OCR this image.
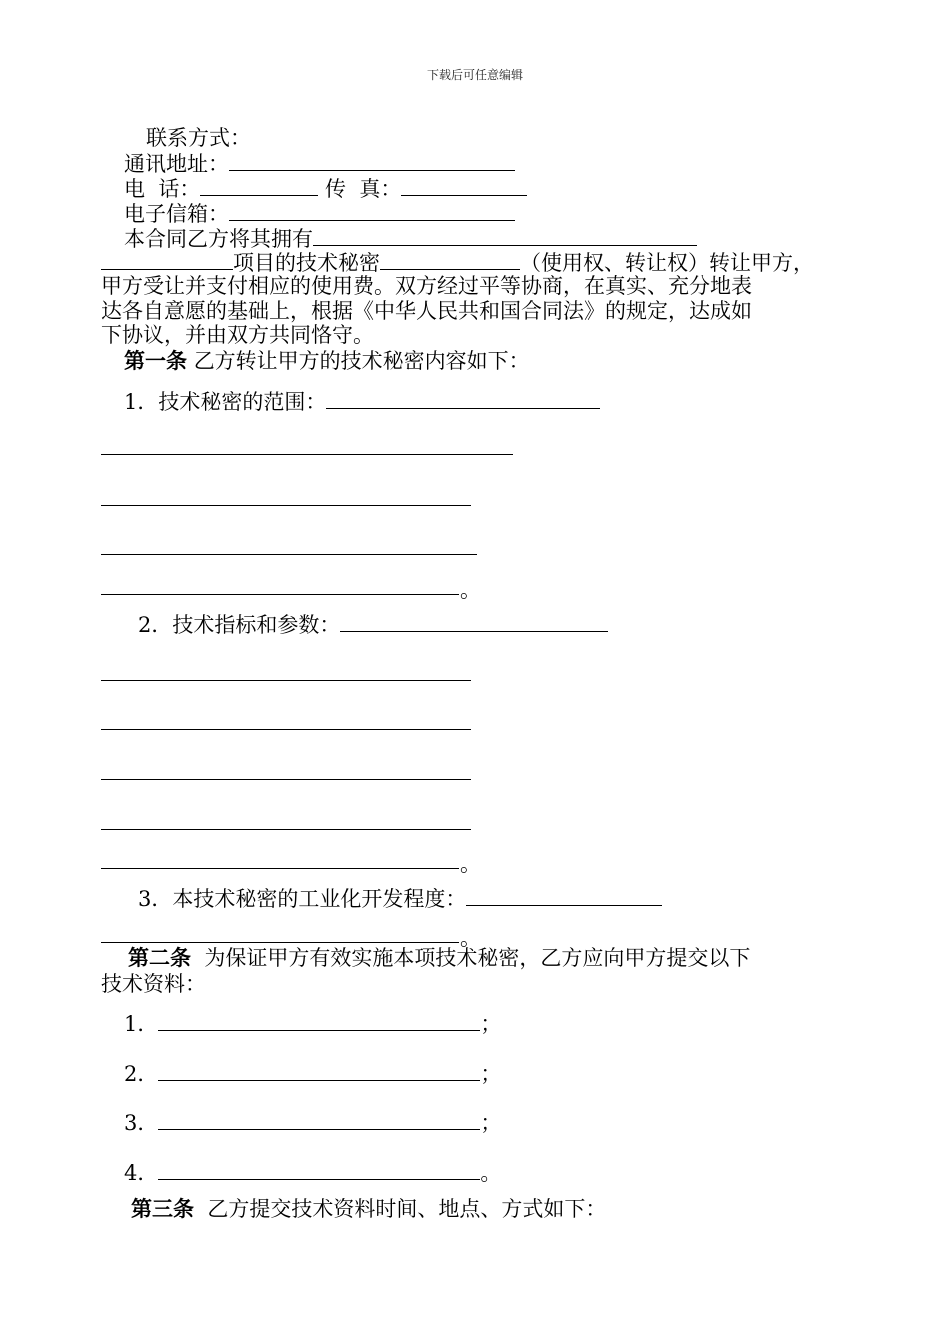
下载后可任意编辑
联系方式：
通讯地址：
电  话：	传  真：
电子信箱：
本合同乙方将其拥有
项目的技术秘密	（使用权、转让权）转让甲方，
甲方受让并支付相应的使用费。双方经过平等协商，在真实、充分地表
达各自意愿的基础上，根据《中华人民共和国合同法》的规定，达成如
下协议，并由双方共同恪守。
第一条 乙方转让甲方的技术秘密内容如下：
1．技术秘密的范围：
。
2．技术指标和参数：
。
3．本技术秘密的工业化开发程度：
。
第二条 为保证甲方有效实施本项技术秘密，乙方应向甲方提交以下
技术资料：
1．	；
2．	；
3．	；
4．	。
第三条 乙方提交技术资料时间、地点、方式如下：
